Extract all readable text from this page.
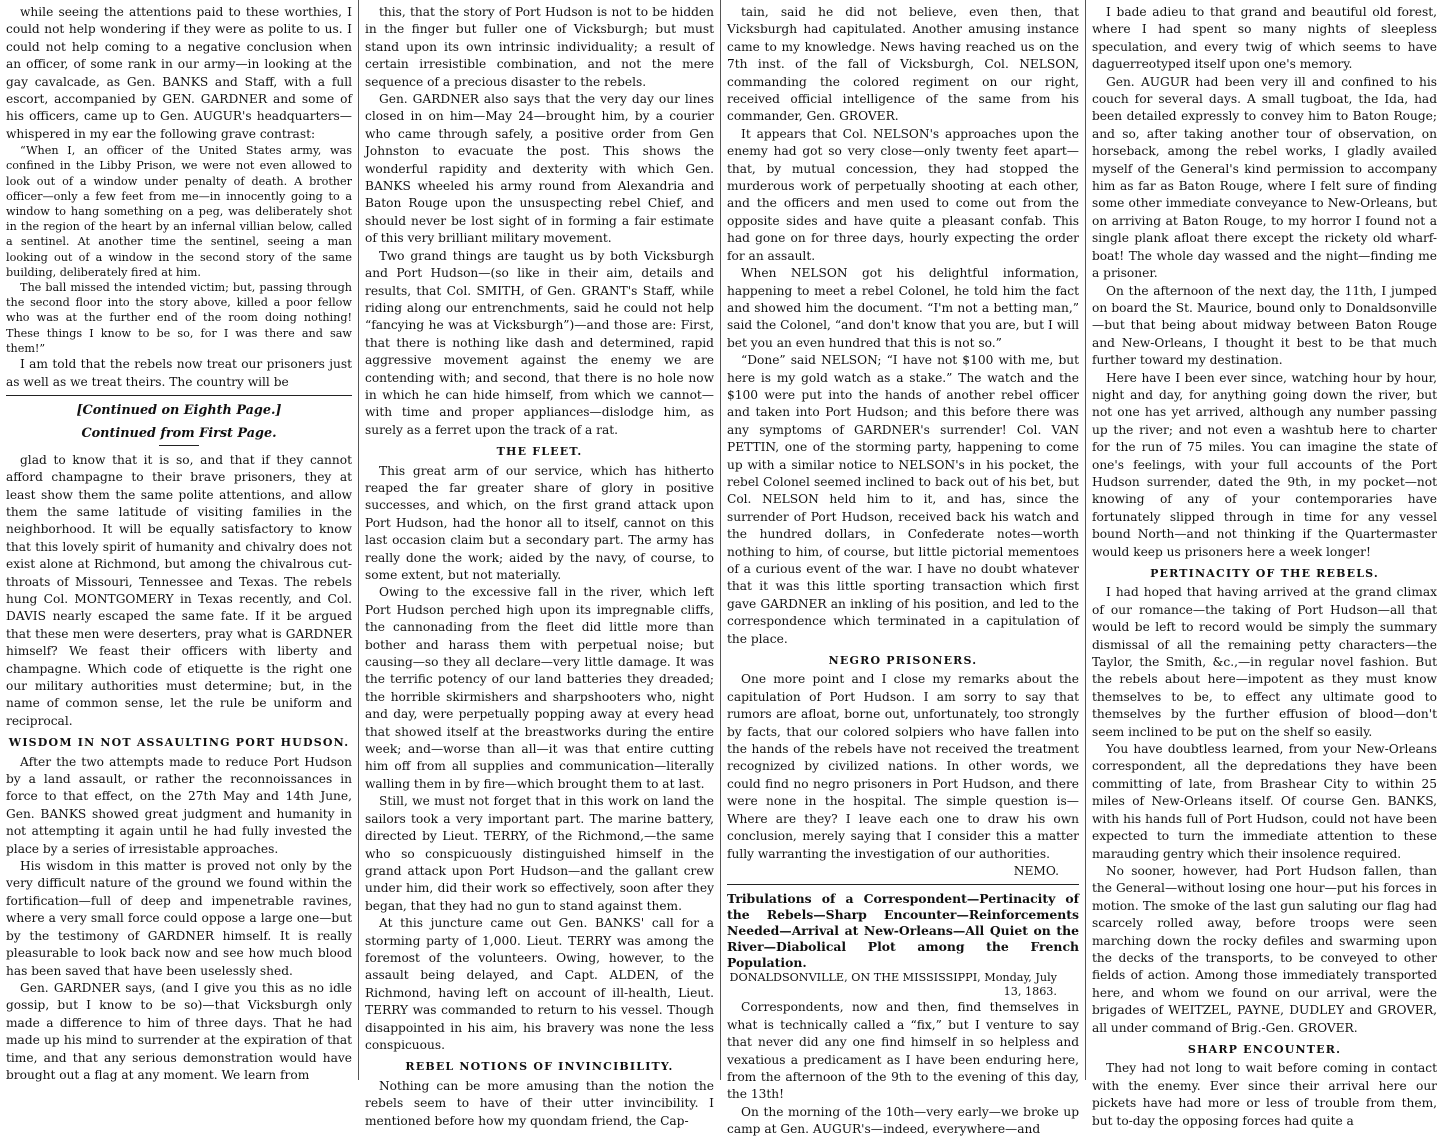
while seeing the attentions paid to these worthies, I could not help wondering if they were as polite to us. I could not help coming to a negative conclusion when an officer, of some rank in our army—in looking at the gay cavalcade, as Gen. BANKS and Staff, with a full escort, accompanied by GEN. GARDNER and some of his officers, came up to Gen. AUGUR's headquarters—whispered in my ear the following grave contrast:

“When I, an officer of the United States army, was confined in the Libby Prison, we were not even allowed to look out of a window under penalty of death. A brother officer—only a few feet from me—in innocently going to a window to hang something on a peg, was deliberately shot in the region of the heart by an infernal villian below, called a sentinel. At another time the sentinel, seeing a man looking out of a window in the second story of the same building, deliberately fired at him.

The ball missed the intended victim; but, passing through the second floor into the story above, killed a poor fellow who was at the further end of the room doing nothing! These things I know to be so, for I was there and saw them!”

I am told that the rebels now treat our prisoners just as well as we treat theirs. The country will be

[Continued on Eighth Page.]
Continued from First Page.

glad to know that it is so, and that if they cannot afford champagne to their brave prisoners, they at least show them the same polite attentions, and allow them the same latitude of visiting families in the neighborhood. It will be equally satisfactory to know that this lovely spirit of humanity and chivalry does not exist alone at Richmond, but among the chivalrous cut-throats of Missouri, Tennessee and Texas. The rebels hung Col. MONTGOMERY in Texas recently, and Col. DAVIS nearly escaped the same fate. If it be argued that these men were deserters, pray what is GARDNER himself? We feast their officers with liberty and champagne. Which code of etiquette is the right one our military authorities must determine; but, in the name of common sense, let the rule be uniform and reciprocal.

WISDOM IN NOT ASSAULTING PORT HUDSON.

After the two attempts made to reduce Port Hudson by a land assault, or rather the reconnoissances in force to that effect, on the 27th May and 14th June, Gen. BANKS showed great judgment and humanity in not attempting it again until he had fully invested the place by a series of irresistable approaches.

His wisdom in this matter is proved not only by the very difficult nature of the ground we found within the fortification—full of deep and impenetrable ravines, where a very small force could oppose a large one—but by the testimony of GARDNER himself. It is really pleasurable to look back now and see how much blood has been saved that have been uselessly shed.

Gen. GARDNER says, (and I give you this as no idle gossip, but I know to be so)—that Vicksburgh only made a difference to him of three days. That he had made up his mind to surrender at the expiration of that time, and that any serious demonstration would have brought out a flag at any moment. We learn from

this, that the story of Port Hudson is not to be hidden in the finger but fuller one of Vicksburgh; but must stand upon its own intrinsic individuality; a result of certain irresistible combination, and not the mere sequence of a precious disaster to the rebels.

Gen. GARDNER also says that the very day our lines closed in on him—May 24—brought him, by a courier who came through safely, a positive order from Gen Johnston to evacuate the post. This shows the wonderful rapidity and dexterity with which Gen. BANKS wheeled his army round from Alexandria and Baton Rouge upon the unsuspecting rebel Chief, and should never be lost sight of in forming a fair estimate of this very brilliant military movement.

Two grand things are taught us by both Vicksburgh and Port Hudson—(so like in their aim, details and results, that Col. SMITH, of Gen. GRANT's Staff, while riding along our entrenchments, said he could not help “fancying he was at Vicksburgh”)—and those are: First, that there is nothing like dash and determined, rapid aggressive movement against the enemy we are contending with; and second, that there is no hole now in which he can hide himself, from which we cannot—with time and proper appliances—dislodge him, as surely as a ferret upon the track of a rat.

THE FLEET.

This great arm of our service, which has hitherto reaped the far greater share of glory in positive successes, and which, on the first grand attack upon Port Hudson, had the honor all to itself, cannot on this last occasion claim but a secondary part. The army has really done the work; aided by the navy, of course, to some extent, but not materially.

Owing to the excessive fall in the river, which left Port Hudson perched high upon its impregnable cliffs, the cannonading from the fleet did little more than bother and harass them with perpetual noise; but causing—so they all declare—very little damage. It was the terrific potency of our land batteries they dreaded; the horrible skirmishers and sharpshooters who, night and day, were perpetually popping away at every head that showed itself at the breastworks during the entire week; and—worse than all—it was that entire cutting him off from all supplies and communication—literally walling them in by fire—which brought them to at last.

Still, we must not forget that in this work on land the sailors took a very important part. The marine battery, directed by Lieut. TERRY, of the Richmond,—the same who so conspicuously distinguished himself in the grand attack upon Port Hudson—and the gallant crew under him, did their work so effectively, soon after they began, that they had no gun to stand against them.

At this juncture came out Gen. BANKS' call for a storming party of 1,000. Lieut. TERRY was among the foremost of the volunteers. Owing, however, to the assault being delayed, and Capt. ALDEN, of the Richmond, having left on account of ill-health, Lieut. TERRY was commanded to return to his vessel. Though disappointed in his aim, his bravery was none the less conspicuous.

REBEL NOTIONS OF INVINCIBILITY.

Nothing can be more amusing than the notion the rebels seem to have of their utter invincibility. I mentioned before how my quondam friend, the Cap-

tain, said he did not believe, even then, that Vicksburgh had capitulated. Another amusing instance came to my knowledge. News having reached us on the 7th inst. of the fall of Vicksburgh, Col. NELSON, commanding the colored regiment on our right, received official intelligence of the same from his commander, Gen. GROVER.

It appears that Col. NELSON's approaches upon the enemy had got so very close—only twenty feet apart—that, by mutual concession, they had stopped the murderous work of perpetually shooting at each other, and the officers and men used to come out from the opposite sides and have quite a pleasant confab. This had gone on for three days, hourly expecting the order for an assault.

When NELSON got his delightful information, happening to meet a rebel Colonel, he told him the fact and showed him the document. “I'm not a betting man,” said the Colonel, “and don't know that you are, but I will bet you an even hundred that this is not so.”

“Done” said NELSON; “I have not $100 with me, but here is my gold watch as a stake.” The watch and the $100 were put into the hands of another rebel officer and taken into Port Hudson; and this before there was any symptoms of GARDNER's surrender! Col. VAN PETTIN, one of the storming party, happening to come up with a similar notice to NELSON's in his pocket, the rebel Colonel seemed inclined to back out of his bet, but Col. NELSON held him to it, and has, since the surrender of Port Hudson, received back his watch and the hundred dollars, in Confederate notes—worth nothing to him, of course, but little pictorial mementoes of a curious event of the war. I have no doubt whatever that it was this little sporting transaction which first gave GARDNER an inkling of his position, and led to the correspondence which terminated in a capitulation of the place.

NEGRO PRISONERS.

One more point and I close my remarks about the capitulation of Port Hudson. I am sorry to say that rumors are afloat, borne out, unfortunately, too strongly by facts, that our colored solpiers who have fallen into the hands of the rebels have not received the treatment recognized by civilized nations. In other words, we could find no negro prisoners in Port Hudson, and there were none in the hospital. The simple question is—Where are they? I leave each one to draw his own conclusion, merely saying that I consider this a matter fully warranting the investigation of our authorities.

NEMO.

Tribulations of a Correspondent—Pertinacity of the Rebels—Sharp Encounter—Reinforcements Needed—Arrival at New-Orleans—All Quiet on the River—Diabolical Plot among the French Population.

DONALDSONVILLE, ON THE MISSISSIPPI, Monday, July 13, 1863.

Correspondents, now and then, find themselves in what is technically called a “fix,” but I venture to say that never did any one find himself in so helpless and vexatious a predicament as I have been enduring here, from the afternoon of the 9th to the evening of this day, the 13th!

On the morning of the 10th—very early—we broke up camp at Gen. AUGUR's—indeed, everywhere—and

I bade adieu to that grand and beautiful old forest, where I had spent so many nights of sleepless speculation, and every twig of which seems to have daguerreotyped itself upon one's memory.

Gen. AUGUR had been very ill and confined to his couch for several days. A small tugboat, the Ida, had been detailed expressly to convey him to Baton Rouge; and so, after taking another tour of observation, on horseback, among the rebel works, I gladly availed myself of the General's kind permission to accompany him as far as Baton Rouge, where I felt sure of finding some other immediate conveyance to New-Orleans, but on arriving at Baton Rouge, to my horror I found not a single plank afloat there except the rickety old wharf-boat! The whole day wassed and the night—finding me a prisoner.

On the afternoon of the next day, the 11th, I jumped on board the St. Maurice, bound only to Donaldsonville—but that being about midway between Baton Rouge and New-Orleans, I thought it best to be that much further toward my destination.

Here have I been ever since, watching hour by hour, night and day, for anything going down the river, but not one has yet arrived, although any number passing up the river; and not even a washtub here to charter for the run of 75 miles. You can imagine the state of one's feelings, with your full accounts of the Port Hudson surrender, dated the 9th, in my pocket—not knowing of any of your contemporaries have fortunately slipped through in time for any vessel bound North—and not thinking if the Quartermaster would keep us prisoners here a week longer!

PERTINACITY OF THE REBELS.

I had hoped that having arrived at the grand climax of our romance—the taking of Port Hudson—all that would be left to record would be simply the summary dismissal of all the remaining petty characters—the Taylor, the Smith, &c.,—in regular novel fashion. But the rebels about here—impotent as they must know themselves to be, to effect any ultimate good to themselves by the further effusion of blood—don't seem inclined to be put on the shelf so easily.

You have doubtless learned, from your New-Orleans correspondent, all the depredations they have been committing of late, from Brashear City to within 25 miles of New-Orleans itself. Of course Gen. BANKS, with his hands full of Port Hudson, could not have been expected to turn the immediate attention to these marauding gentry which their insolence required.

No sooner, however, had Port Hudson fallen, than the General—without losing one hour—put his forces in motion. The smoke of the last gun saluting our flag had scarcely rolled away, before troops were seen marching down the rocky defiles and swarming upon the decks of the transports, to be conveyed to other fields of action. Among those immediately transported here, and whom we found on our arrival, were the brigades of WEITZEL, PAYNE, DUDLEY and GROVER, all under command of Brig.-Gen. GROVER.

SHARP ENCOUNTER.

They had not long to wait before coming in contact with the enemy. Ever since their arrival here our pickets have had more or less of trouble from them, but to-day the opposing forces had quite a
